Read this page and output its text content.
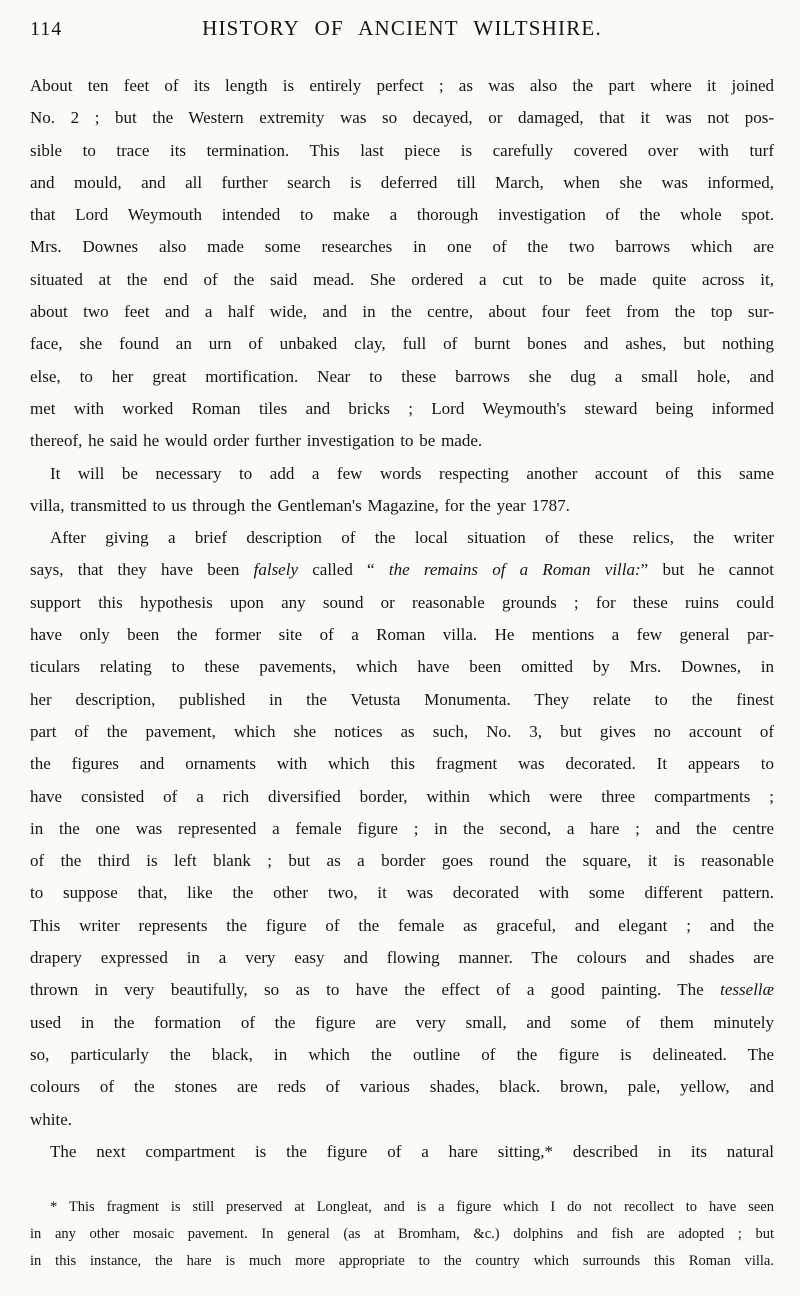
114	HISTORY OF ANCIENT WILTSHIRE.
About ten feet of its length is entirely perfect ; as was also the part where it joined
No. 2 ; but the Western extremity was so decayed, or damaged, that it was not pos-
sible to trace its termination. This last piece is carefully covered over with turf
and mould, and all further search is deferred till March, when she was informed,
that Lord Weymouth intended to make a thorough investigation of the whole spot.
Mrs. Downes also made some researches in one of the two barrows which are
situated at the end of the said mead. She ordered a cut to be made quite across it,
about two feet and a half wide, and in the centre, about four feet from the top sur-
face, she found an urn of unbaked clay, full of burnt bones and ashes, but nothing
else, to her great mortification. Near to these barrows she dug a small hole, and
met with worked Roman tiles and bricks ; Lord Weymouth's steward being informed
thereof, he said he would order further investigation to be made.
It will be necessary to add a few words respecting another account of this same
villa, transmitted to us through the Gentleman's Magazine, for the year 1787.
After giving a brief description of the local situation of these relics, the writer
says, that they have been falsely called “ the remains of a Roman villa:” but he cannot
support this hypothesis upon any sound or reasonable grounds ; for these ruins could
have only been the former site of a Roman villa. He mentions a few general par-
ticulars relating to these pavements, which have been omitted by Mrs. Downes, in
her description, published in the Vetusta Monumenta. They relate to the finest
part of the pavement, which she notices as such, No. 3, but gives no account of
the figures and ornaments with which this fragment was decorated. It appears to
have consisted of a rich diversified border, within which were three compartments ;
in the one was represented a female figure ; in the second, a hare ; and the centre
of the third is left blank ; but as a border goes round the square, it is reasonable
to suppose that, like the other two, it was decorated with some different pattern.
This writer represents the figure of the female as graceful, and elegant ; and the
drapery expressed in a very easy and flowing manner. The colours and shades are
thrown in very beautifully, so as to have the effect of a good painting. The tessellæ
used in the formation of the figure are very small, and some of them minutely
so, particularly the black, in which the outline of the figure is delineated. The
colours of the stones are reds of various shades, black. brown, pale, yellow, and
white.
The next compartment is the figure of a hare sitting,* described in its natural
* This fragment is still preserved at Longleat, and is a figure which I do not recollect to have seen
in any other mosaic pavement. In general (as at Bromham, &c.) dolphins and fish are adopted ; but
in this instance, the hare is much more appropriate to the country which surrounds this Roman villa.
